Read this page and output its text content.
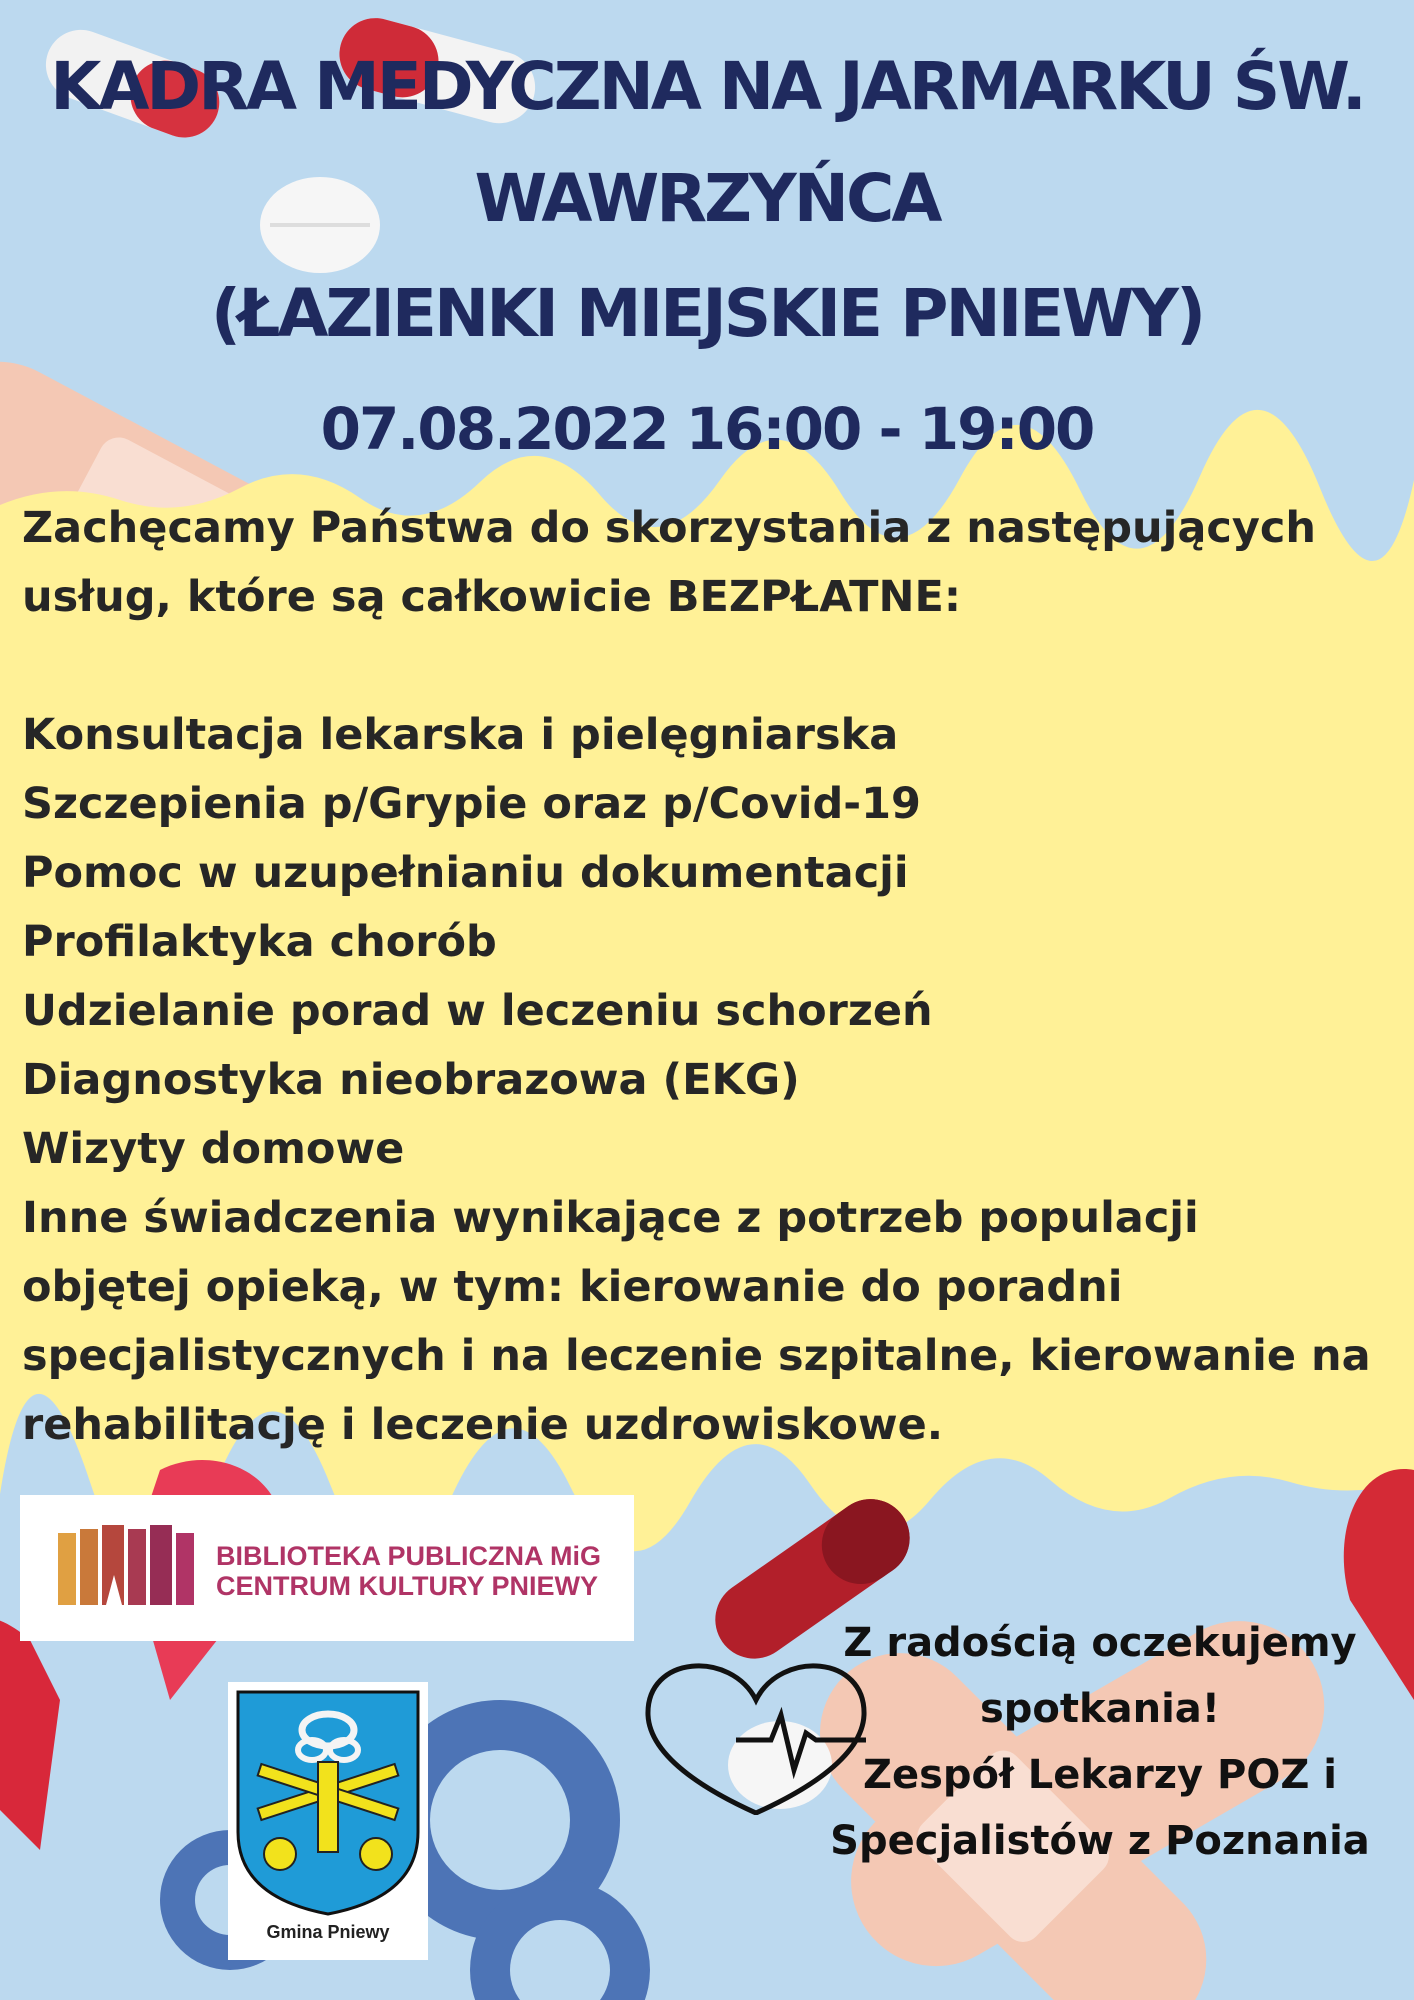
KADRA MEDYCZNA NA JARMARKU ŚW.
WAWRZYŃCA
(ŁAZIENKI MIEJSKIE PNIEWY)
07.08.2022 16:00 - 19:00
Zachęcamy Państwa do skorzystania z następujących
usług, które są całkowicie BEZPŁATNE:
Konsultacja lekarska i pielęgniarska
Szczepienia p/Grypie oraz p/Covid-19
Pomoc w uzupełnianiu dokumentacji
Profilaktyka chorób
Udzielanie porad w leczeniu schorzeń
Diagnostyka nieobrazowa (EKG)
Wizyty domowe
Inne świadczenia wynikające z potrzeb populacji
objętej opieką, w tym: kierowanie do poradni
specjalistycznych i na leczenie szpitalne, kierowanie na
rehabilitację i leczenie uzdrowiskowe.
BIBLIOTEKA PUBLICZNA MiG
CENTRUM KULTURY PNIEWY
Gmina Pniewy
Z radością oczekujemy
spotkania!
Zespół Lekarzy POZ i
Specjalistów z Poznania
